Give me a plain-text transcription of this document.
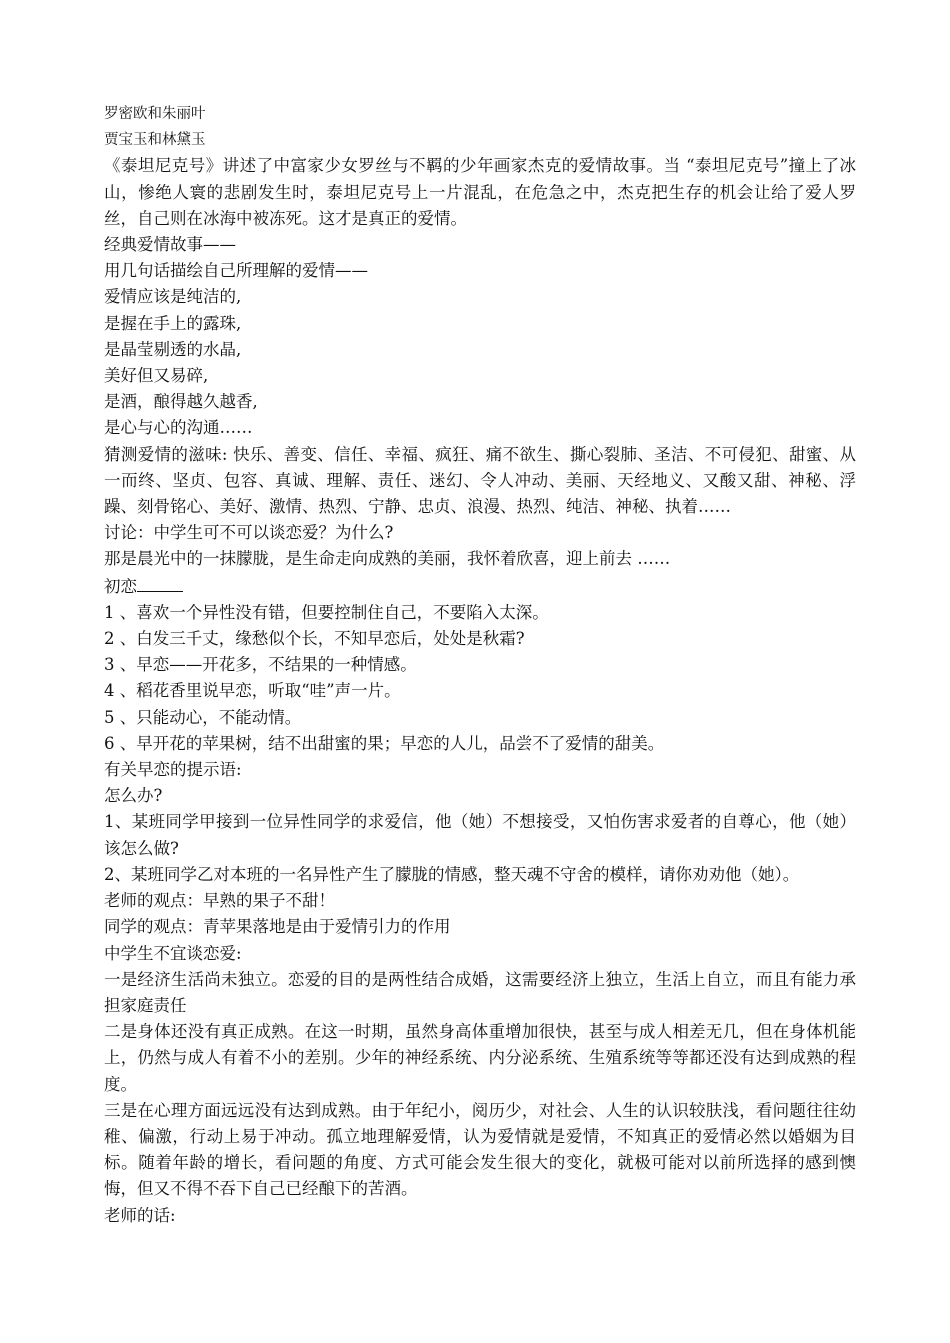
罗密欧和朱丽叶

贾宝玉和林黛玉

《泰坦尼克号》讲述了中富家少女罗丝与不羁的少年画家杰克的爱情故事。当 “泰坦尼克号”撞上了冰山，惨绝人寰的悲剧发生时，泰坦尼克号上一片混乱，在危急之中，杰克把生存的机会让给了爱人罗丝，自己则在冰海中被冻死。这才是真正的爱情。

经典爱情故事——

用几句话描绘自己所理解的爱情——

爱情应该是纯洁的,

是握在手上的露珠,

是晶莹剔透的水晶,

美好但又易碎,

是酒，酿得越久越香,

是心与心的沟通……

猜测爱情的滋味: 快乐、善变、信任、幸福、疯狂、痛不欲生、撕心裂肺、圣洁、不可侵犯、甜蜜、从一而终、坚贞、包容、真诚、理解、责任、迷幻、令人冲动、美丽、天经地义、又酸又甜、神秘、浮躁、刻骨铭心、美好、激情、热烈、宁静、忠贞、浪漫、热烈、纯洁、神秘、执着……

讨论：中学生可不可以谈恋爱？为什么?

那是晨光中的一抹朦胧，是生命走向成熟的美丽，我怀着欣喜，迎上前去 ……

初恋

1 、喜欢一个异性没有错，但要控制住自己，不要陷入太深。

2 、白发三千丈，缘愁似个长，不知早恋后，处处是秋霜?

3 、早恋——开花多，不结果的一种情感。

4 、稻花香里说早恋，听取“哇”声一片。

5 、只能动心，不能动情。

6 、早开花的苹果树，结不出甜蜜的果；早恋的人儿，品尝不了爱情的甜美。

有关早恋的提示语:

怎么办?

1、某班同学甲接到一位异性同学的求爱信，他（她）不想接受，又怕伤害求爱者的自尊心，他（她）该怎么做?

2、某班同学乙对本班的一名异性产生了朦胧的情感，整天魂不守舍的模样，请你劝劝他（她）。

老师的观点：早熟的果子不甜！

同学的观点：青苹果落地是由于爱情引力的作用

中学生不宜谈恋爱:

一是经济生活尚未独立。恋爱的目的是两性结合成婚，这需要经济上独立，生活上自立，而且有能力承担家庭责任

二是身体还没有真正成熟。在这一时期，虽然身高体重增加很快，甚至与成人相差无几，但在身体机能上，仍然与成人有着不小的差别。少年的神经系统、内分泌系统、生殖系统等等都还没有达到成熟的程度。

三是在心理方面远远没有达到成熟。由于年纪小，阅历少，对社会、人生的认识较肤浅，看问题往往幼稚、偏激，行动上易于冲动。孤立地理解爱情，认为爱情就是爱情，不知真正的爱情必然以婚姻为目标。随着年龄的增长，看问题的角度、方式可能会发生很大的变化，就极可能对以前所选择的感到懊悔，但又不得不吞下自己已经酿下的苦酒。

老师的话:
